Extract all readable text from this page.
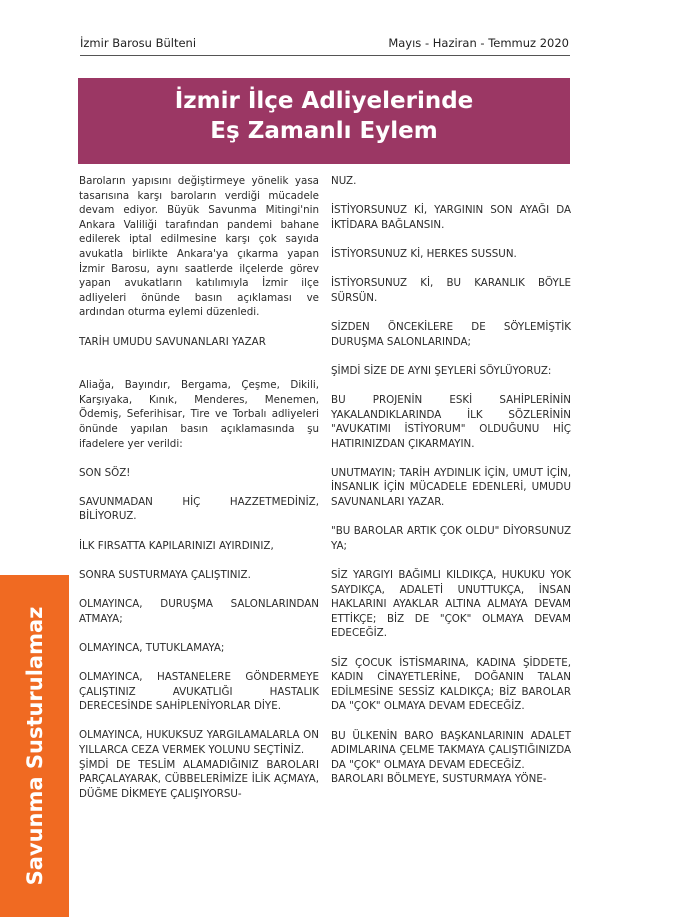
İzmir Barosu Bülteni	Mayıs - Haziran - Temmuz 2020
İzmir İlçe Adliyelerinde
Eş Zamanlı Eylem

Baroların yapısını değiştirmeye yönelik yasa tasarısına karşı baroların verdiği mücadele devam ediyor. Büyük Savunma Mitingi'nin Ankara Valiliği tarafından pandemi bahane edilerek iptal edilmesine karşı çok sayıda avukatla birlikte Ankara'ya çıkarma yapan İzmir Barosu, aynı saatlerde ilçelerde görev yapan avukatların katılımıyla İzmir ilçe adliyeleri önünde basın açıklaması ve ardından oturma eylemi düzenledi.

TARİH UMUDU SAVUNANLARI YAZAR

Aliağa, Bayındır, Bergama, Çeşme, Dikili, Karşıyaka, Kınık, Menderes, Menemen, Ödemiş, Seferihisar, Tire ve Torbalı adliyeleri önünde yapılan basın açıklamasında şu ifadelere yer verildi:

SON SÖZ!

SAVUNMADAN HİÇ HAZZETMEDİNİZ, BİLİYORUZ.

İLK FIRSATTA KAPILARINIZI AYIRDINIZ,

SONRA SUSTURMAYA ÇALIŞTINIZ.

OLMAYINCA, DURUŞMA SALONLARINDAN ATMAYA;

OLMAYINCA, TUTUKLAMAYA;

OLMAYINCA, HASTANELERE GÖNDERMEYE ÇALIŞTINIZ AVUKATLIĞI HASTALIK DERECESİNDE SAHİPLENİYORLAR DİYE.

OLMAYINCA, HUKUKSUZ YARGILAMALARLA ON YILLARCA CEZA VERMEK YOLUNU SEÇTİNİZ.

ŞİMDİ DE TESLİM ALAMADIĞINIZ BAROLARI PARÇALAYARAK, CÜBBELERİMİZE İLİK AÇMAYA, DÜĞME DİKMEYE ÇALIŞIYORSU-

NUZ.

İSTİYORSUNUZ Kİ, YARGININ SON AYAĞI DA İKTİDARA BAĞLANSIN.

İSTİYORSUNUZ Kİ, HERKES SUSSUN.

İSTİYORSUNUZ Kİ, BU KARANLIK BÖYLE SÜRSÜN.

SİZDEN ÖNCEKİLERE DE SÖYLEMİŞTİK DURUŞMA SALONLARINDA;

ŞİMDİ SİZE DE AYNI ŞEYLERİ SÖYLÜYORUZ:

BU PROJENİN ESKİ SAHİPLERİNİN YAKALANDIKLARINDA İLK SÖZLERİNİN "AVUKATIMI İSTİYORUM" OLDUĞUNU HİÇ HATIRINIZDAN ÇIKARMAYIN.

UNUTMAYIN; TARİH AYDINLIK İÇİN, UMUT İÇİN, İNSANLIK İÇİN MÜCADELE EDENLERİ, UMUDU SAVUNANLARI YAZAR.

"BU BAROLAR ARTIK ÇOK OLDU" DİYORSUNUZ YA;

SİZ YARGIYI BAĞIMLI KILDIKÇA, HUKUKU YOK SAYDIKÇA, ADALETİ UNUTTUKÇA, İNSAN HAKLARINI AYAKLAR ALTINA ALMAYA DEVAM ETTİKÇE; BİZ DE "ÇOK" OLMAYA DEVAM EDECEĞİZ.

SİZ ÇOCUK İSTİSMARINA, KADINA ŞİDDETE, KADIN CİNAYETLERİNE, DOĞANIN TALAN EDİLMESİNE SESSİZ KALDIKÇA; BİZ BAROLAR DA "ÇOK" OLMAYA DEVAM EDECEĞİZ.

BU ÜLKENİN BARO BAŞKANLARININ ADALET ADIMLARINA ÇELME TAKMAYA ÇALIŞTIĞINIZDA DA "ÇOK" OLMAYA DEVAM EDECEĞİZ.

BAROLARI BÖLMEYE, SUSTURMAYA YÖNE-

Savunma Susturulamaz
